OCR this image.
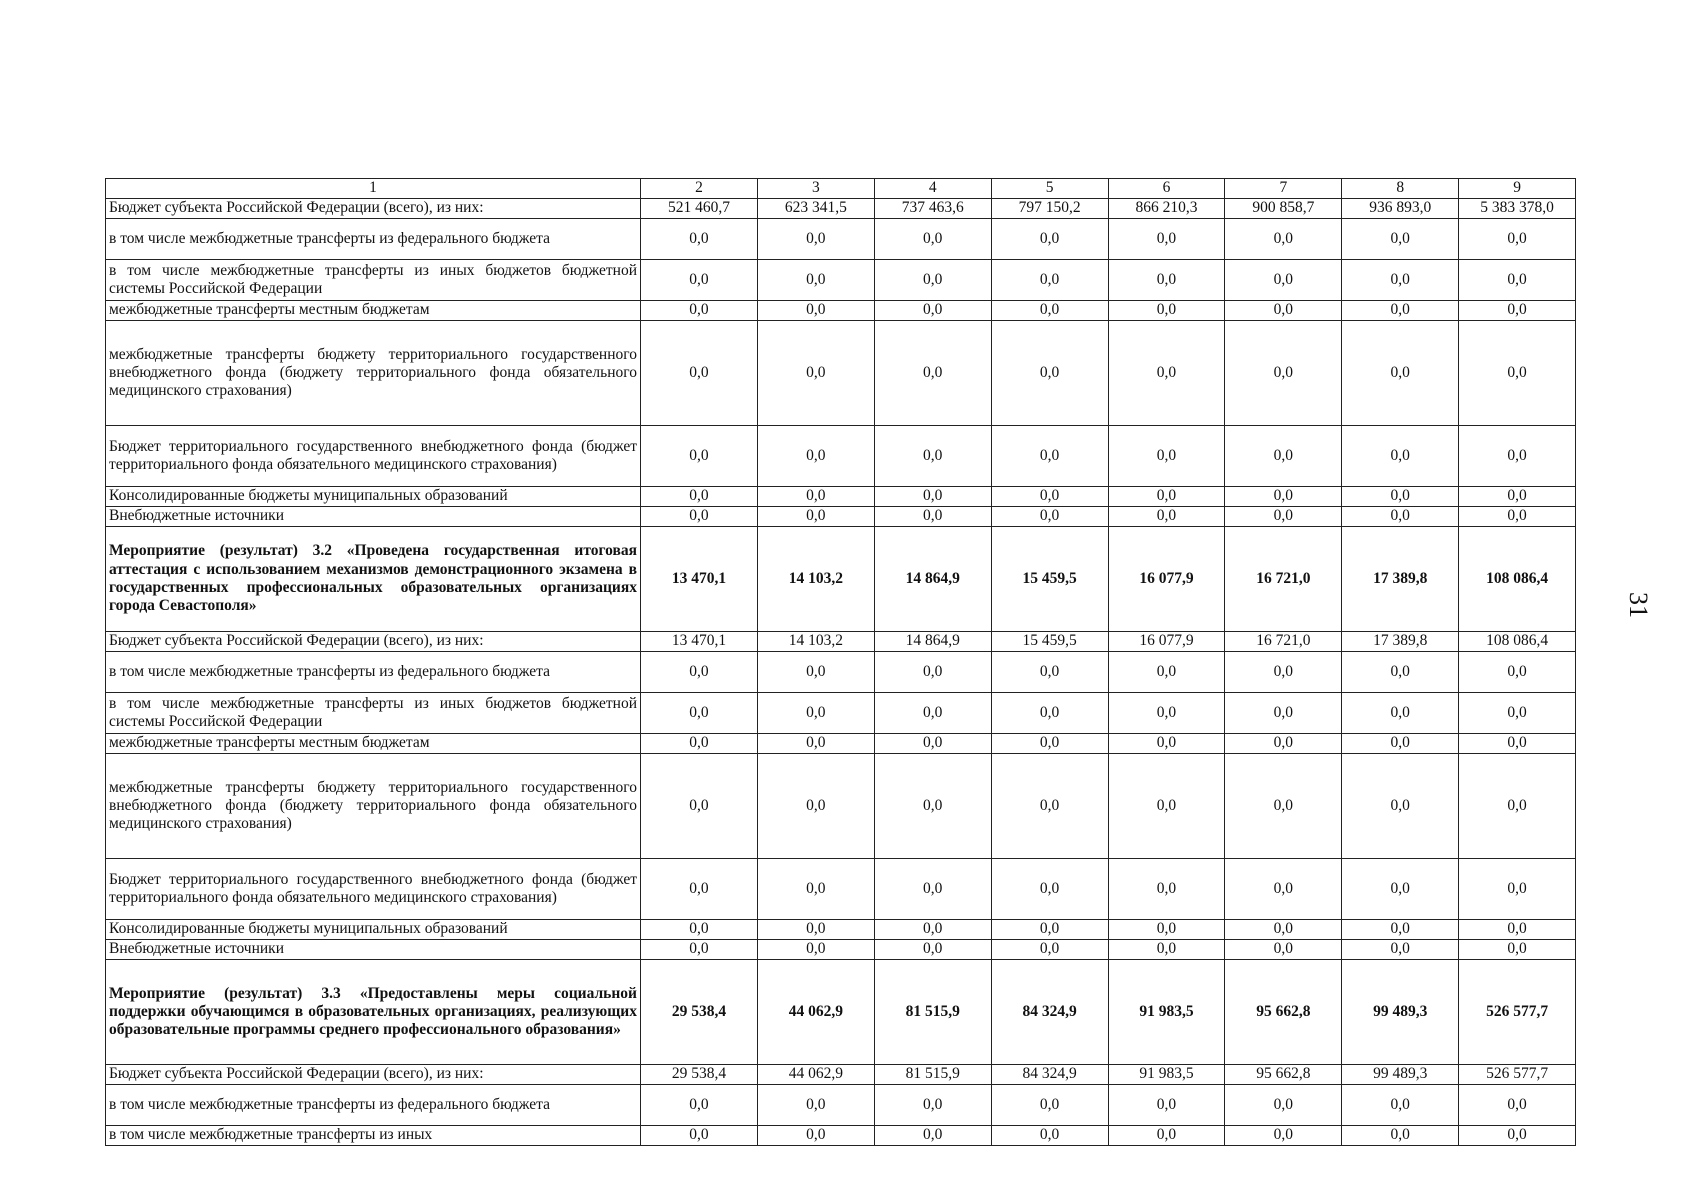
31
1	2	3	4	5	6	7	8	9
Бюджет субъекта Российской Федерации (всего), из них:	521 460,7	623 341,5	737 463,6	797 150,2	866 210,3	900 858,7	936 893,0	5 383 378,0
в том числе межбюджетные трансферты из федерального бюджета	0,0	0,0	0,0	0,0	0,0	0,0	0,0	0,0
в том числе межбюджетные трансферты из иных бюджетов бюджетной системы Российской Федерации	0,0	0,0	0,0	0,0	0,0	0,0	0,0	0,0
межбюджетные трансферты местным бюджетам	0,0	0,0	0,0	0,0	0,0	0,0	0,0	0,0
межбюджетные трансферты бюджету территориального государственного внебюджетного фонда (бюджету территориального фонда обязательного медицинского страхования)	0,0	0,0	0,0	0,0	0,0	0,0	0,0	0,0
Бюджет территориального государственного внебюджетного фонда (бюджет территориального фонда обязательного медицинского страхования)	0,0	0,0	0,0	0,0	0,0	0,0	0,0	0,0
Консолидированные бюджеты муниципальных образований	0,0	0,0	0,0	0,0	0,0	0,0	0,0	0,0
Внебюджетные источники	0,0	0,0	0,0	0,0	0,0	0,0	0,0	0,0
Мероприятие (результат) 3.2 «Проведена государственная итоговая аттестация с использованием механизмов демонстрационного экзамена в государственных профессиональных образовательных организациях города Севастополя»	13 470,1	14 103,2	14 864,9	15 459,5	16 077,9	16 721,0	17 389,8	108 086,4
Бюджет субъекта Российской Федерации (всего), из них:	13 470,1	14 103,2	14 864,9	15 459,5	16 077,9	16 721,0	17 389,8	108 086,4
в том числе межбюджетные трансферты из федерального бюджета	0,0	0,0	0,0	0,0	0,0	0,0	0,0	0,0
в том числе межбюджетные трансферты из иных бюджетов бюджетной системы Российской Федерации	0,0	0,0	0,0	0,0	0,0	0,0	0,0	0,0
межбюджетные трансферты местным бюджетам	0,0	0,0	0,0	0,0	0,0	0,0	0,0	0,0
межбюджетные трансферты бюджету территориального государственного внебюджетного фонда (бюджету территориального фонда обязательного медицинского страхования)	0,0	0,0	0,0	0,0	0,0	0,0	0,0	0,0
Бюджет территориального государственного внебюджетного фонда (бюджет территориального фонда обязательного медицинского страхования)	0,0	0,0	0,0	0,0	0,0	0,0	0,0	0,0
Консолидированные бюджеты муниципальных образований	0,0	0,0	0,0	0,0	0,0	0,0	0,0	0,0
Внебюджетные источники	0,0	0,0	0,0	0,0	0,0	0,0	0,0	0,0
Мероприятие (результат) 3.3 «Предоставлены меры социальной поддержки обучающимся в образовательных организациях, реализующих образовательные программы среднего профессионального образования»	29 538,4	44 062,9	81 515,9	84 324,9	91 983,5	95 662,8	99 489,3	526 577,7
Бюджет субъекта Российской Федерации (всего), из них:	29 538,4	44 062,9	81 515,9	84 324,9	91 983,5	95 662,8	99 489,3	526 577,7
в том числе межбюджетные трансферты из федерального бюджета	0,0	0,0	0,0	0,0	0,0	0,0	0,0	0,0
в том числе межбюджетные трансферты из иных	0,0	0,0	0,0	0,0	0,0	0,0	0,0	0,0
